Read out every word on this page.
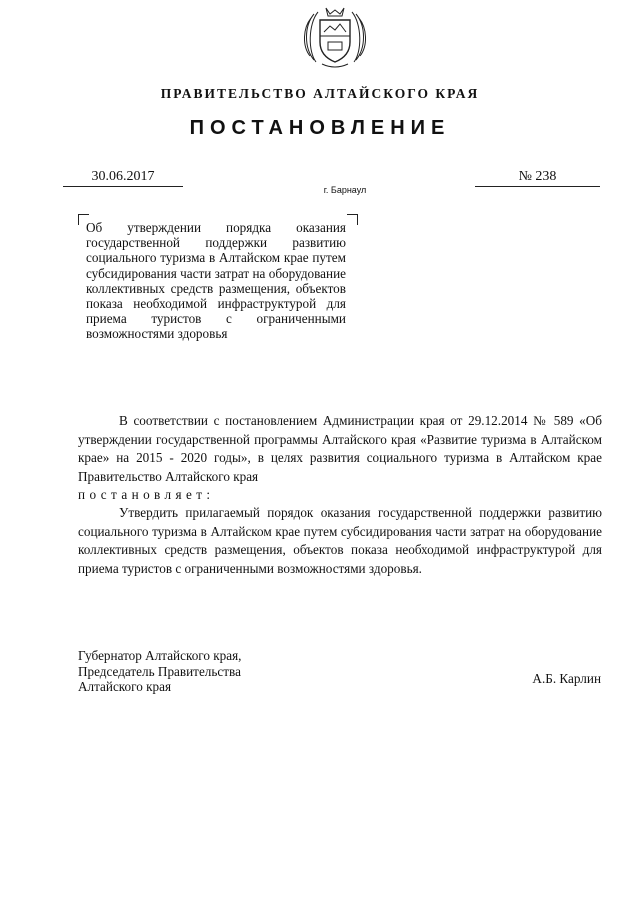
ПРАВИТЕЛЬСТВО АЛТАЙСКОГО КРАЯ
ПОСТАНОВЛЕНИЕ
30.06.2017	№ 238
г. Барнаул
Об утверждении порядка оказания государственной поддержки развитию социального туризма в Алтайском крае путем субсидирования части затрат на оборудование коллективных средств размещения, объектов показа необходимой инфраструктурой для приема туристов с ограниченными возможностями здоровья
В соответствии с постановлением Администрации края от 29.12.2014 № 589 «Об утверждении государственной программы Алтайского края «Развитие туризма в Алтайском крае» на 2015 - 2020 годы», в целях развития социального туризма в Алтайском крае Правительство Алтайского края
постановляет:
Утвердить прилагаемый порядок оказания государственной поддержки развитию социального туризма в Алтайском крае путем субсидирования части затрат на оборудование коллективных средств размещения, объектов показа необходимой инфраструктурой для приема туристов с ограниченными возможностями здоровья.
Губернатор Алтайского края,
Председатель Правительства
Алтайского края
А.Б. Карлин
